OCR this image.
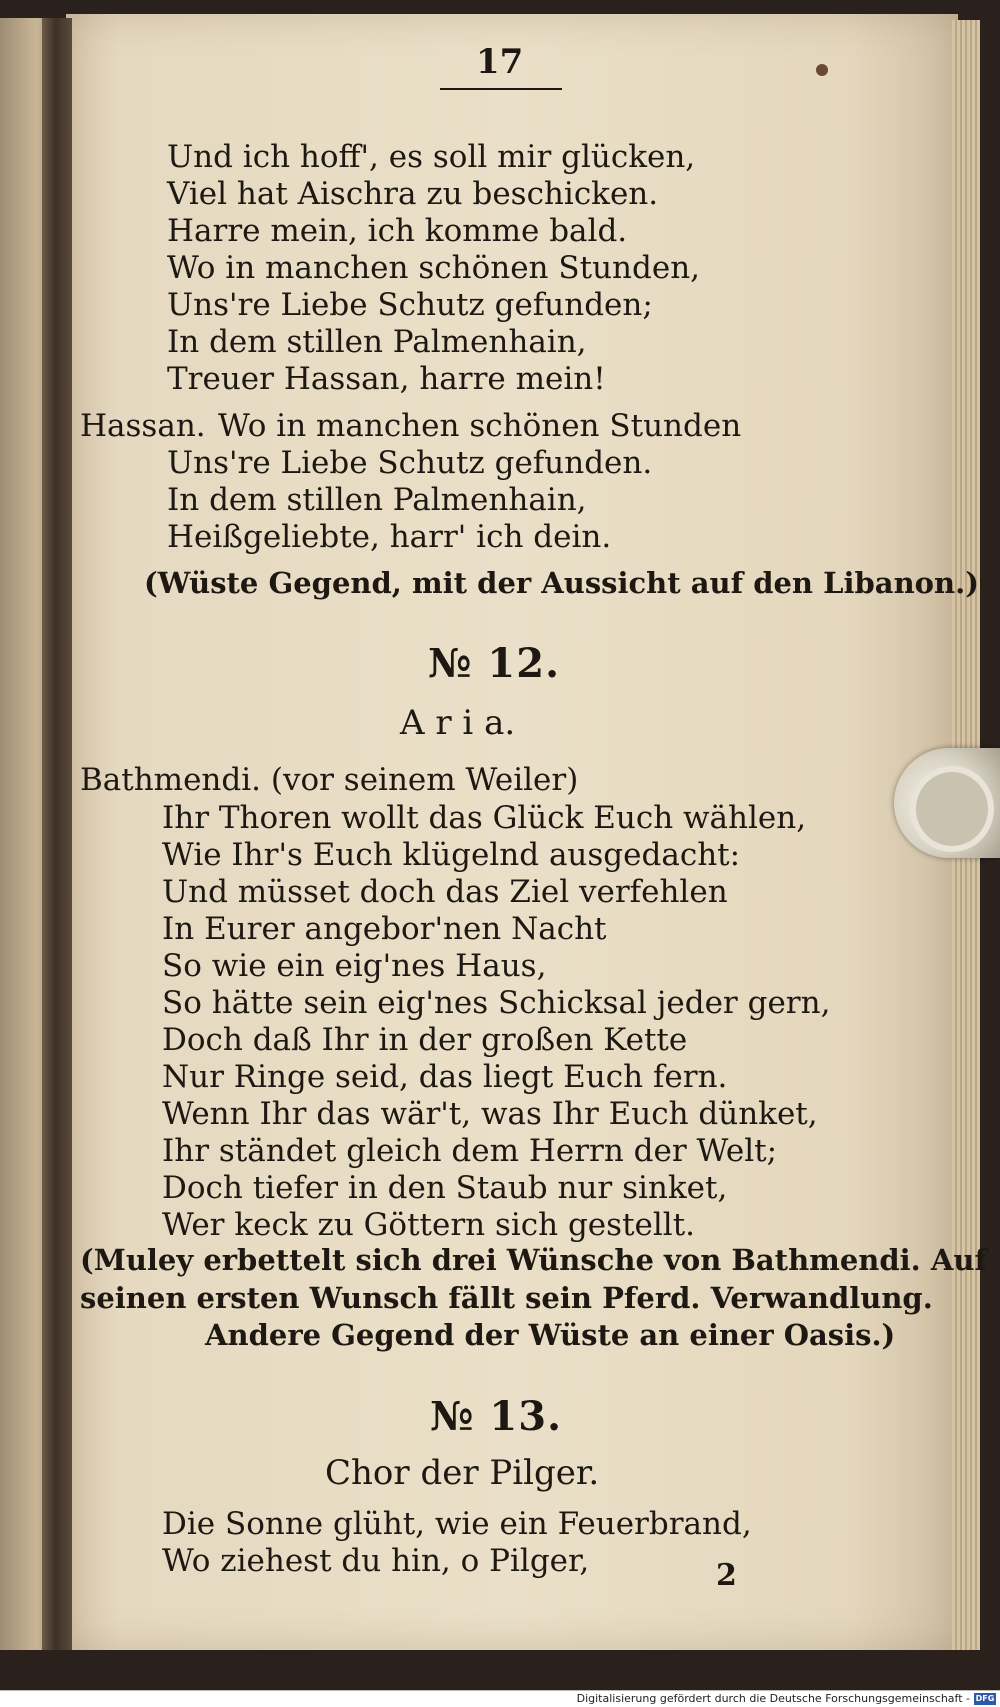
17
Und ich hoff', es soll mir glücken,
Viel hat Aischra zu beschicken.
Harre mein, ich komme bald.
Wo in manchen schönen Stunden,
Uns're Liebe Schutz gefunden;
In dem stillen Palmenhain,
Treuer Hassan, harre mein!
Hassan. Wo in manchen schönen Stunden
Uns're Liebe Schutz gefunden.
In dem stillen Palmenhain,
Heißgeliebte, harr' ich dein.
(Wüste Gegend, mit der Aussicht auf den Libanon.)
№ 12.
A r i a.
Bathmendi. (vor seinem Weiler)
Ihr Thoren wollt das Glück Euch wählen,
Wie Ihr's Euch klügelnd ausgedacht:
Und müsset doch das Ziel verfehlen
In Eurer angebor'nen Nacht
So wie ein eig'nes Haus,
So hätte sein eig'nes Schicksal jeder gern,
Doch daß Ihr in der großen Kette
Nur Ringe seid, das liegt Euch fern.
Wenn Ihr das wär't, was Ihr Euch dünket,
Ihr ständet gleich dem Herrn der Welt;
Doch tiefer in den Staub nur sinket,
Wer keck zu Göttern sich gestellt.
(Muley erbettelt sich drei Wünsche von Bathmendi. Auf
seinen ersten Wunsch fällt sein Pferd. Verwandlung.
Andere Gegend der Wüste an einer Oasis.)
№ 13.
Chor der Pilger.
Die Sonne glüht, wie ein Feuerbrand,
Wo ziehest du hin, o Pilger,	2
Digitalisierung gefördert durch die Deutsche Forschungsgemeinschaft - DFG
